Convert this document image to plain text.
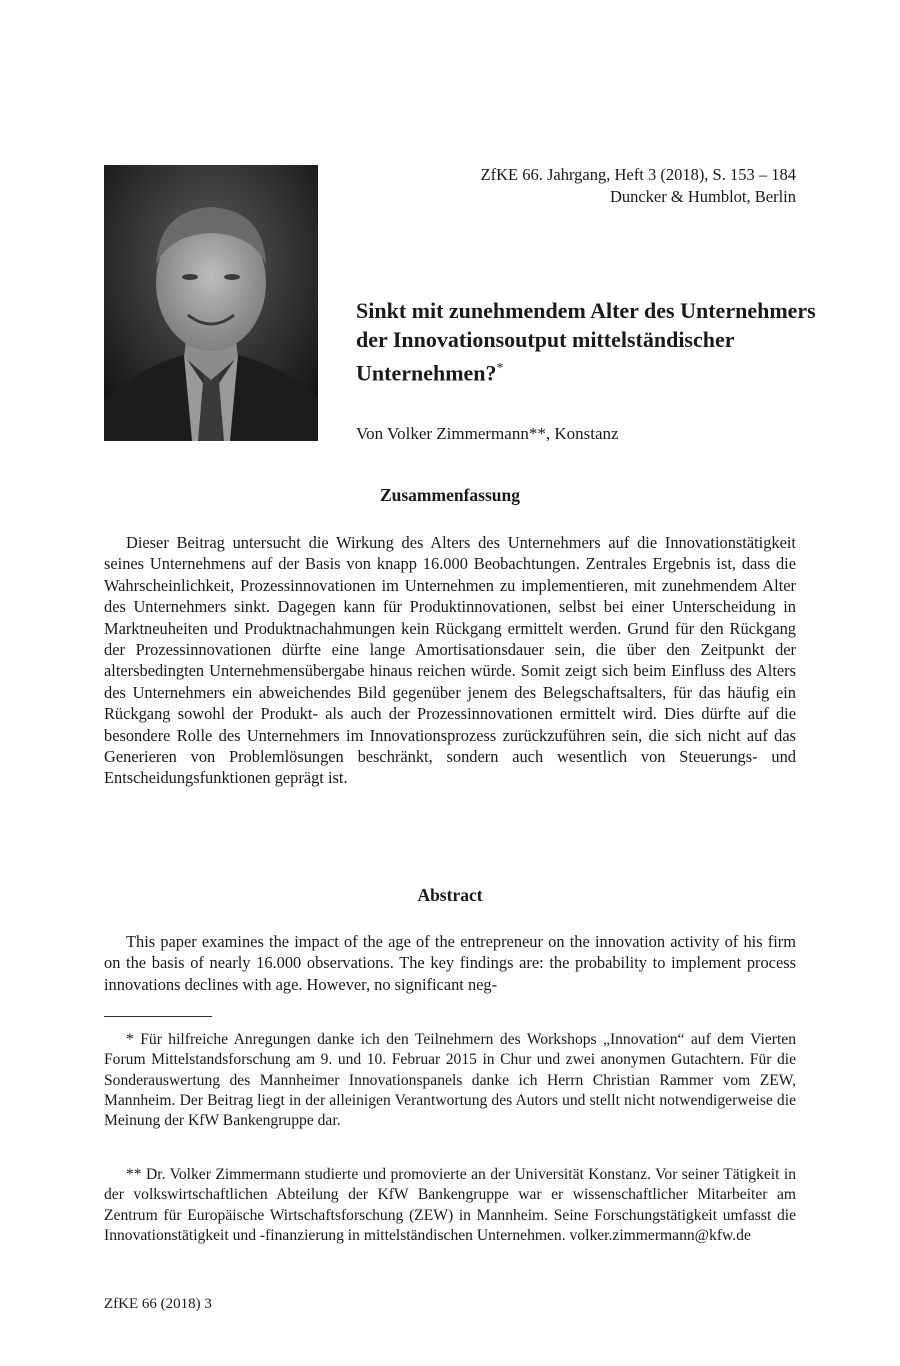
ZfKE 66. Jahrgang, Heft 3 (2018), S. 153 – 184
Duncker & Humblot, Berlin
Sinkt mit zunehmendem Alter des Unternehmers der Innovationsoutput mittelständischer Unternehmen?*
Von Volker Zimmermann**, Konstanz
Zusammenfassung

Dieser Beitrag untersucht die Wirkung des Alters des Unternehmers auf die Innovationstätigkeit seines Unternehmens auf der Basis von knapp 16.000 Beobachtungen. Zentrales Ergebnis ist, dass die Wahrscheinlichkeit, Prozessinnovationen im Unternehmen zu implementieren, mit zunehmendem Alter des Unternehmers sinkt. Dagegen kann für Produktinnovationen, selbst bei einer Unterscheidung in Marktneuheiten und Produktnachahmungen kein Rückgang ermittelt werden. Grund für den Rückgang der Prozessinnovationen dürfte eine lange Amortisationsdauer sein, die über den Zeitpunkt der altersbedingten Unternehmensübergabe hinaus reichen würde. Somit zeigt sich beim Einfluss des Alters des Unternehmers ein abweichendes Bild gegenüber jenem des Belegschaftsalters, für das häufig ein Rückgang sowohl der Produkt- als auch der Prozessinnovationen ermittelt wird. Dies dürfte auf die besondere Rolle des Unternehmers im Innovationsprozess zurückzuführen sein, die sich nicht auf das Generieren von Problemlösungen beschränkt, sondern auch wesentlich von Steuerungs- und Entscheidungsfunktionen geprägt ist.

Abstract

This paper examines the impact of the age of the entrepreneur on the innovation activity of his firm on the basis of nearly 16.000 observations. The key findings are: the probability to implement process innovations declines with age. However, no significant neg-

* Für hilfreiche Anregungen danke ich den Teilnehmern des Workshops „Innovation“ auf dem Vierten Forum Mittelstandsforschung am 9. und 10. Februar 2015 in Chur und zwei anonymen Gutachtern. Für die Sonderauswertung des Mannheimer Innovationspanels danke ich Herrn Christian Rammer vom ZEW, Mannheim. Der Beitrag liegt in der alleinigen Verantwortung des Autors und stellt nicht notwendigerweise die Meinung der KfW Bankengruppe dar.

** Dr. Volker Zimmermann studierte und promovierte an der Universität Konstanz. Vor seiner Tätigkeit in der volkswirtschaftlichen Abteilung der KfW Bankengruppe war er wissenschaftlicher Mitarbeiter am Zentrum für Europäische Wirtschaftsforschung (ZEW) in Mannheim. Seine Forschungstätigkeit umfasst die Innovationstätigkeit und -finanzierung in mittelständischen Unternehmen. volker.zimmermann@kfw.de

ZfKE 66 (2018) 3
